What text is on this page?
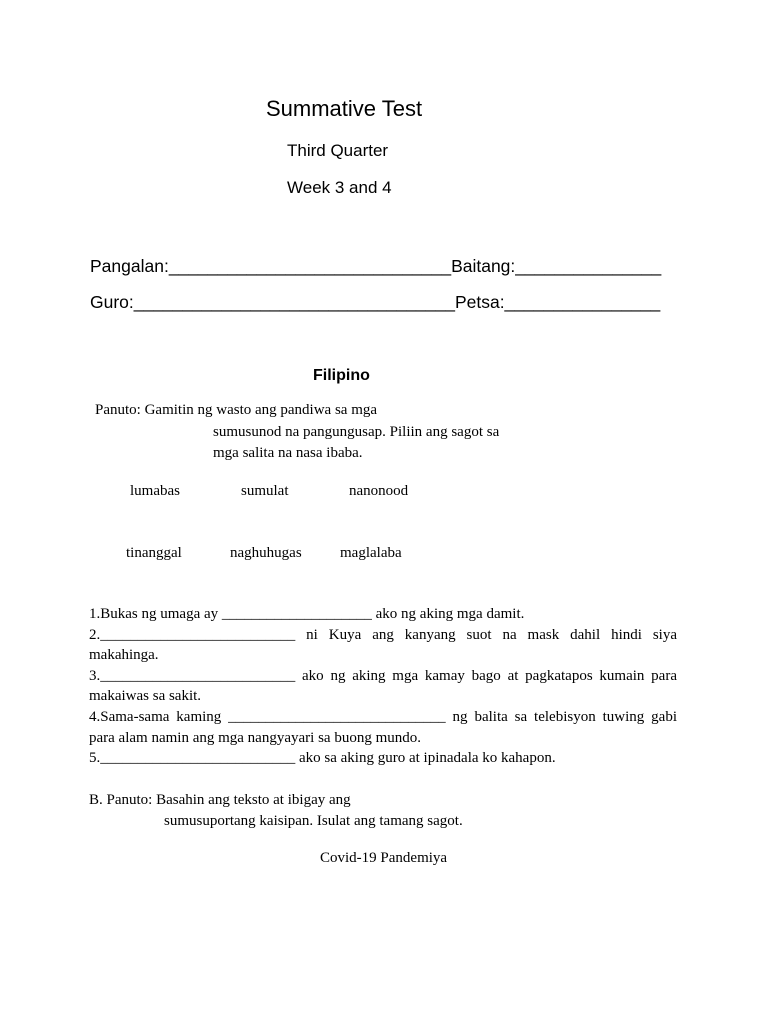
Summative Test
Third Quarter
Week 3 and 4
Pangalan:_____________________________Baitang:_______________
Guro:_________________________________Petsa:________________
Filipino
Panuto: Gamitin ng wasto ang pandiwa sa mga
sumusunod na pangungusap. Piliin ang sagot sa
mga salita na nasa ibaba.
lumabas	sumulat	nanonood
tinanggal	naghuhugas	maglalaba

1.Bukas ng umaga ay ____________________ ako ng aking mga damit.

2.__________________________ ni Kuya ang kanyang suot na mask dahil hindi siya makahinga.

3.__________________________ ako ng aking mga kamay bago at pagkatapos kumain para makaiwas sa sakit.

4.Sama-sama kaming _____________________________ ng balita sa telebisyon tuwing gabi para alam namin ang mga nangyayari sa buong mundo.

5.__________________________ ako sa aking guro at ipinadala ko kahapon.

B. Panuto: Basahin ang teksto at ibigay ang
sumusuportang kaisipan. Isulat ang tamang sagot.
Covid-19 Pandemiya
